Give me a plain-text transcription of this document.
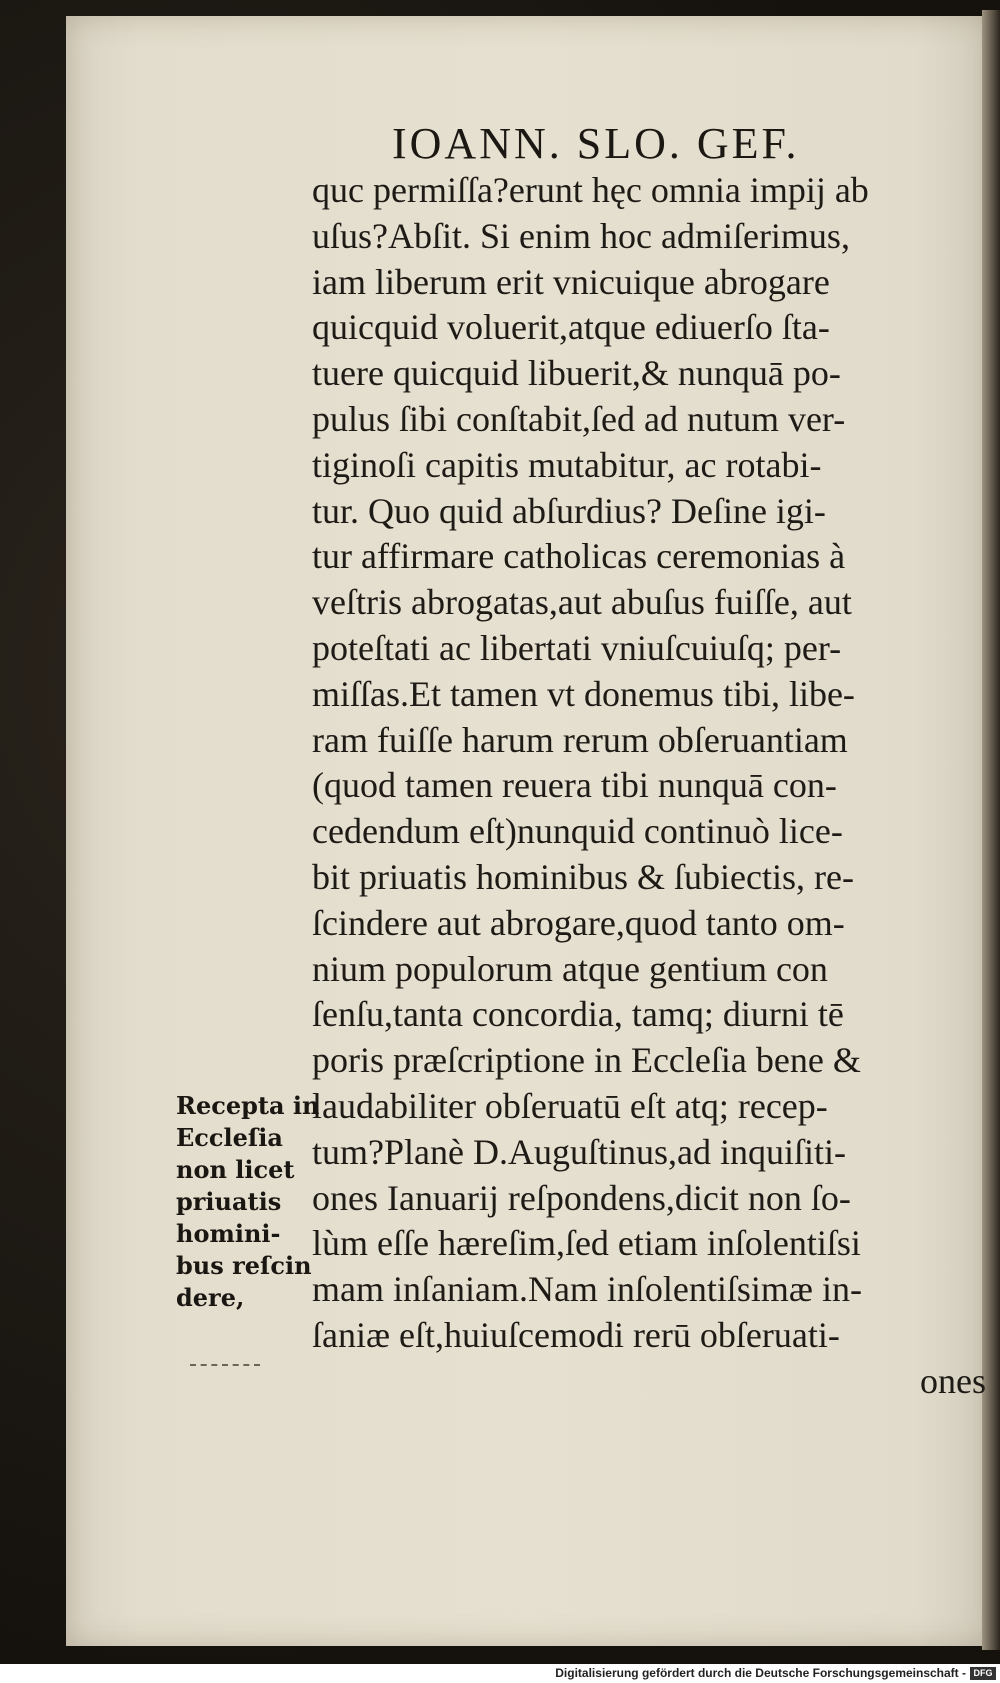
IOANN. SLO. GEF.
quc permiſſa?erunt hęc omnia impij ab
uſus?Abſit. Si enim hoc admiſerimus,
iam liberum erit vnicuique abrogare
quicquid voluerit,atque ediuerſo ſta-
tuere quicquid libuerit,& nunquā po-
pulus ſibi conſtabit,ſed ad nutum ver-
tiginoſi capitis mutabitur, ac rotabi-
tur. Quo quid abſurdius? Deſine igi-
tur affirmare catholicas ceremonias à
veſtris abrogatas,aut abuſus fuiſſe, aut
poteſtati ac libertati vniuſcuiuſq; per-
miſſas.Et tamen vt donemus tibi, libe-
ram fuiſſe harum rerum obſeruantiam
(quod tamen reuera tibi nunquā con-
cedendum eſt)nunquid continuò lice-
bit priuatis hominibus & ſubiectis, re-
ſcindere aut abrogare,quod tanto om-
nium populorum atque gentium con
ſenſu,tanta concordia, tamq; diurni tē
poris præſcriptione in Eccleſia bene &
laudabiliter obſeruatū eſt atq; recep-
tum?Planè D.Auguſtinus,ad inquiſiti-
ones Ianuarij reſpondens,dicit non ſo-
lùm eſſe hæreſim,ſed etiam inſolentiſsi
mam inſaniam.Nam inſolentiſsimæ in-
ſaniæ eſt,huiuſcemodi rerū obſeruati-
ones
Recepta in
Eccleſia
non licet
priuatis
homini-
bus reſcin
dere,
Digitalisierung gefördert durch die Deutsche Forschungsgemeinschaft - DFG
